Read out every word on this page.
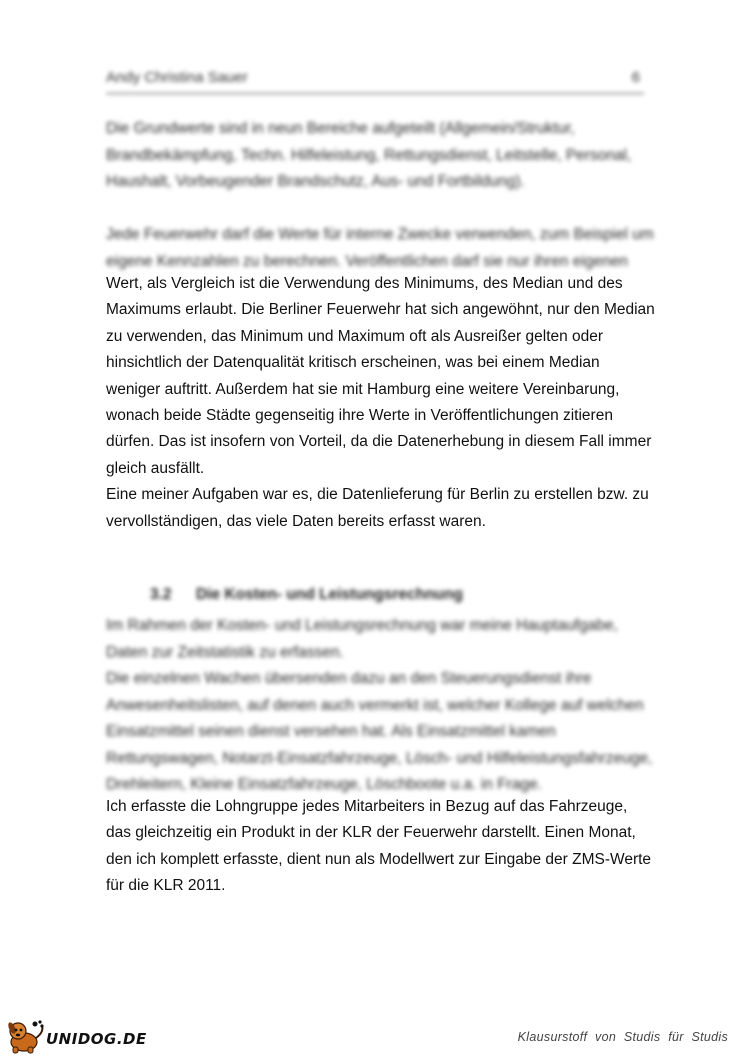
Andy Christina Sauer	6

Die Grundwerte sind in neun Bereiche aufgeteilt (Allgemein/Struktur,
Brandbekämpfung, Techn. Hilfeleistung, Rettungsdienst, Leitstelle, Personal,
Haushalt, Vorbeugender Brandschutz, Aus- und Fortbildung).

Jede Feuerwehr darf die Werte für interne Zwecke verwenden, zum Beispiel um
eigene Kennzahlen zu berechnen. Veröffentlichen darf sie nur ihren eigenen

Wert, als Vergleich ist die Verwendung des Minimums, des Median und des
Maximums erlaubt. Die Berliner Feuerwehr hat sich angewöhnt, nur den Median
zu verwenden, das Minimum und Maximum oft als Ausreißer gelten oder
hinsichtlich der Datenqualität kritisch erscheinen, was bei einem Median
weniger auftritt. Außerdem hat sie mit Hamburg eine weitere Vereinbarung,
wonach beide Städte gegenseitig ihre Werte in Veröffentlichungen zitieren
dürfen. Das ist insofern von Vorteil, da die Datenerhebung in diesem Fall immer
gleich ausfällt.
Eine meiner Aufgaben war es, die Datenlieferung für Berlin zu erstellen bzw. zu
vervollständigen, das viele Daten bereits erfasst waren.

3.2 Die Kosten- und Leistungsrechnung

Im Rahmen der Kosten- und Leistungsrechnung war meine Hauptaufgabe,
Daten zur Zeitstatistik zu erfassen.
Die einzelnen Wachen übersenden dazu an den Steuerungsdienst ihre
Anwesenheitslisten, auf denen auch vermerkt ist, welcher Kollege auf welchen
Einsatzmittel seinen dienst versehen hat. Als Einsatzmittel kamen
Rettungswagen, Notarzt-Einsatzfahrzeuge, Lösch- und Hilfeleistungsfahrzeuge,
Drehleitern, Kleine Einsatzfahrzeuge, Löschboote u.a. in Frage.

Ich erfasste die Lohngruppe jedes Mitarbeiters in Bezug auf das Fahrzeuge,
das gleichzeitig ein Produkt in der KLR der Feuerwehr darstellt. Einen Monat,
den ich komplett erfasste, dient nun als Modellwert zur Eingabe der ZMS-Werte
für die KLR 2011.

UNIDOG.DE	Klausurstoff von Studis für Studis
